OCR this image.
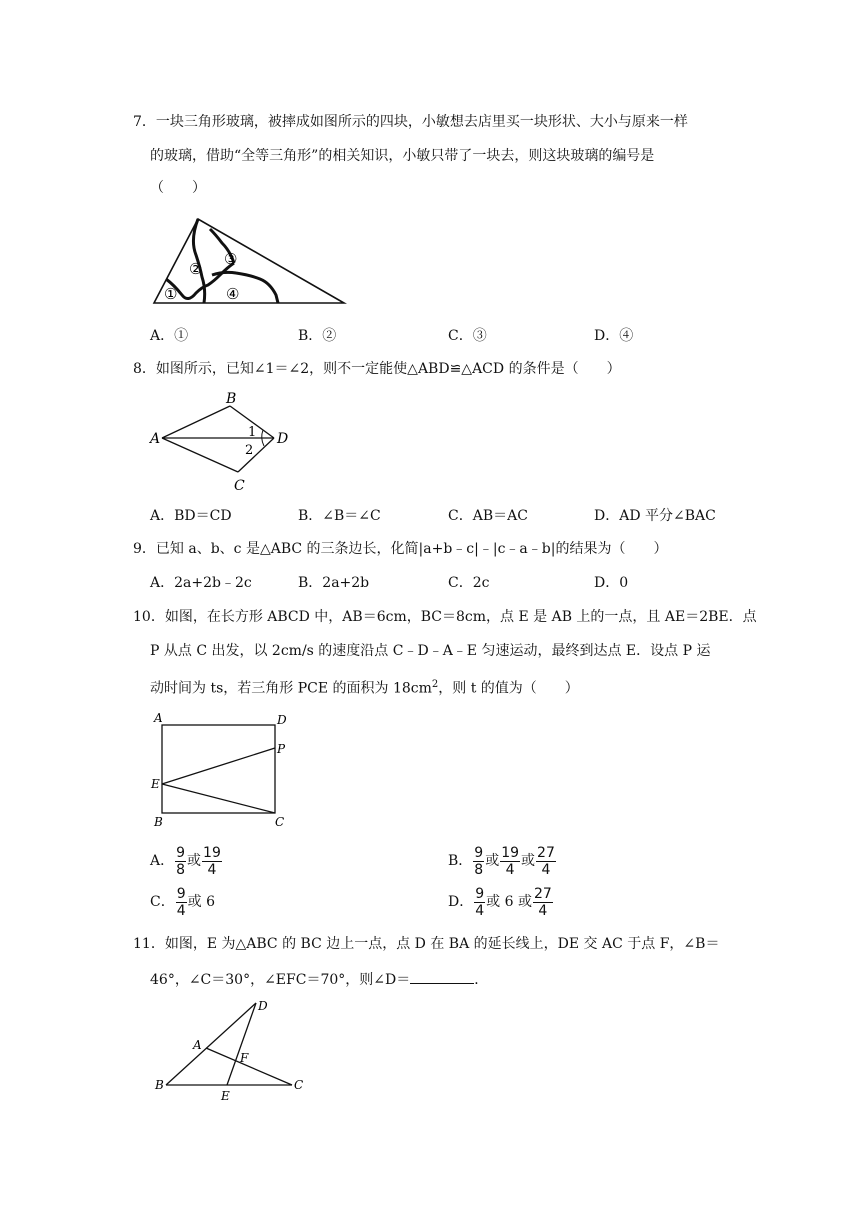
7．一块三角形玻璃，被摔成如图所示的四块，小敏想去店里买一块形状、大小与原来一样
的玻璃，借助“全等三角形”的相关知识，小敏只带了一块去，则这块玻璃的编号是
（　　）
①
②
③
④
A．①	B．②	C．③	D．④
8．如图所示，已知∠1＝∠2，则不一定能使△ABD≌△ACD 的条件是（　　）
A
B
C
D
1
2
A．BD＝CD	B．∠B＝∠C	C．AB＝AC	D．AD 平分∠BAC
9．已知 a、b、c 是△ABC 的三条边长，化简|a+b﹣c|﹣|c﹣a﹣b|的结果为（　　）
A．2a+2b﹣2c	B．2a+2b	C．2c	D．0
10．如图，在长方形 ABCD 中，AB＝6cm，BC＝8cm，点 E 是 AB 上的一点，且 AE＝2BE．点
P 从点 C 出发，以 2cm/s 的速度沿点 C﹣D﹣A﹣E 匀速运动，最终到达点 E．设点 P 运
动时间为 ts，若三角形 PCE 的面积为 $18cm^2$，则 t 的值为（　　）
A	D
P
E
B	C
A． $\frac{9}{8}$ 或 $\frac{19}{4}$	B． $\frac{9}{8}$ 或 $\frac{19}{4}$ 或 $\frac{27}{4}$
C． $\frac{9}{4}$ 或 6	D． $\frac{9}{4}$ 或 6 或 $\frac{27}{4}$
11．如图，E 为△ABC 的 BC 边上一点，点 D 在 BA 的延长线上，DE 交 AC 于点 F，∠B＝
46°，∠C＝30°，∠EFC＝70°，则∠D＝	．
D
A
F
B	C
E
